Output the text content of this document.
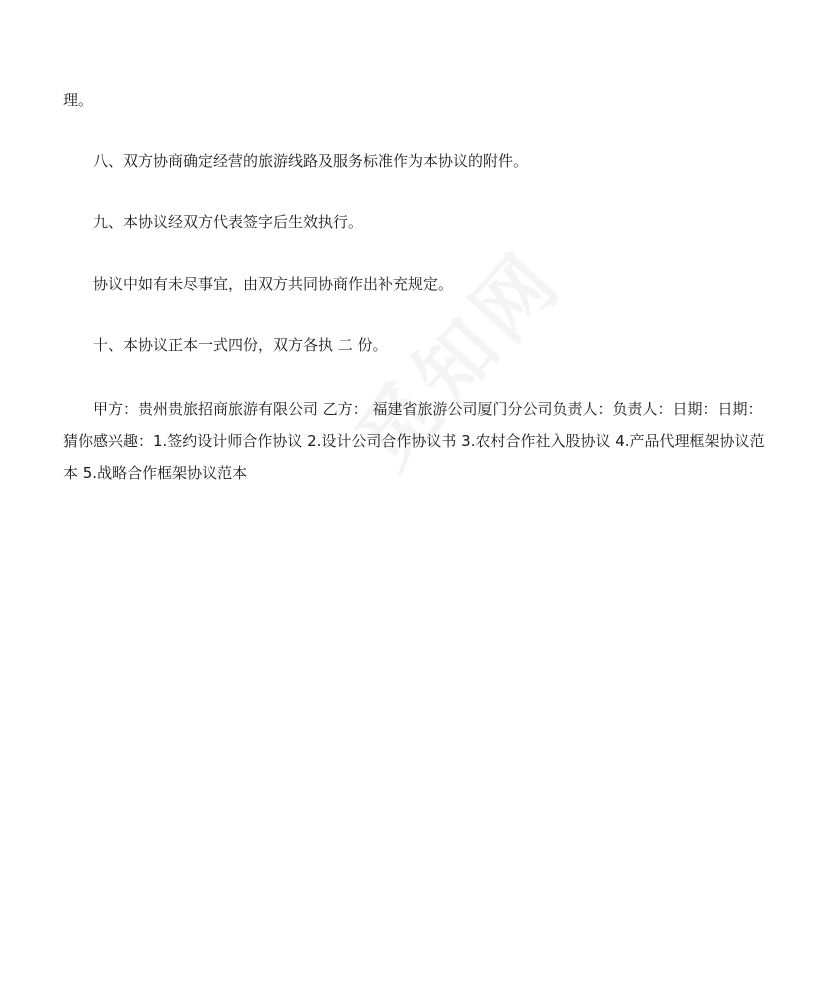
理。

八、双方协商确定经营的旅游线路及服务标准作为本协议的附件。

九、本协议经双方代表签字后生效执行。

协议中如有未尽事宜，由双方共同协商作出补充规定。

十、本协议正本一式四份，双方各执 二 份。

甲方：贵州贵旅招商旅游有限公司 乙方： 福建省旅游公司厦门分公司负责人：负责人：日期：日期：猜你感兴趣：1.签约设计师合作协议 2.设计公司合作协议书 3.农村合作社入股协议 4.产品代理框架协议范本 5.战略合作框架协议范本
